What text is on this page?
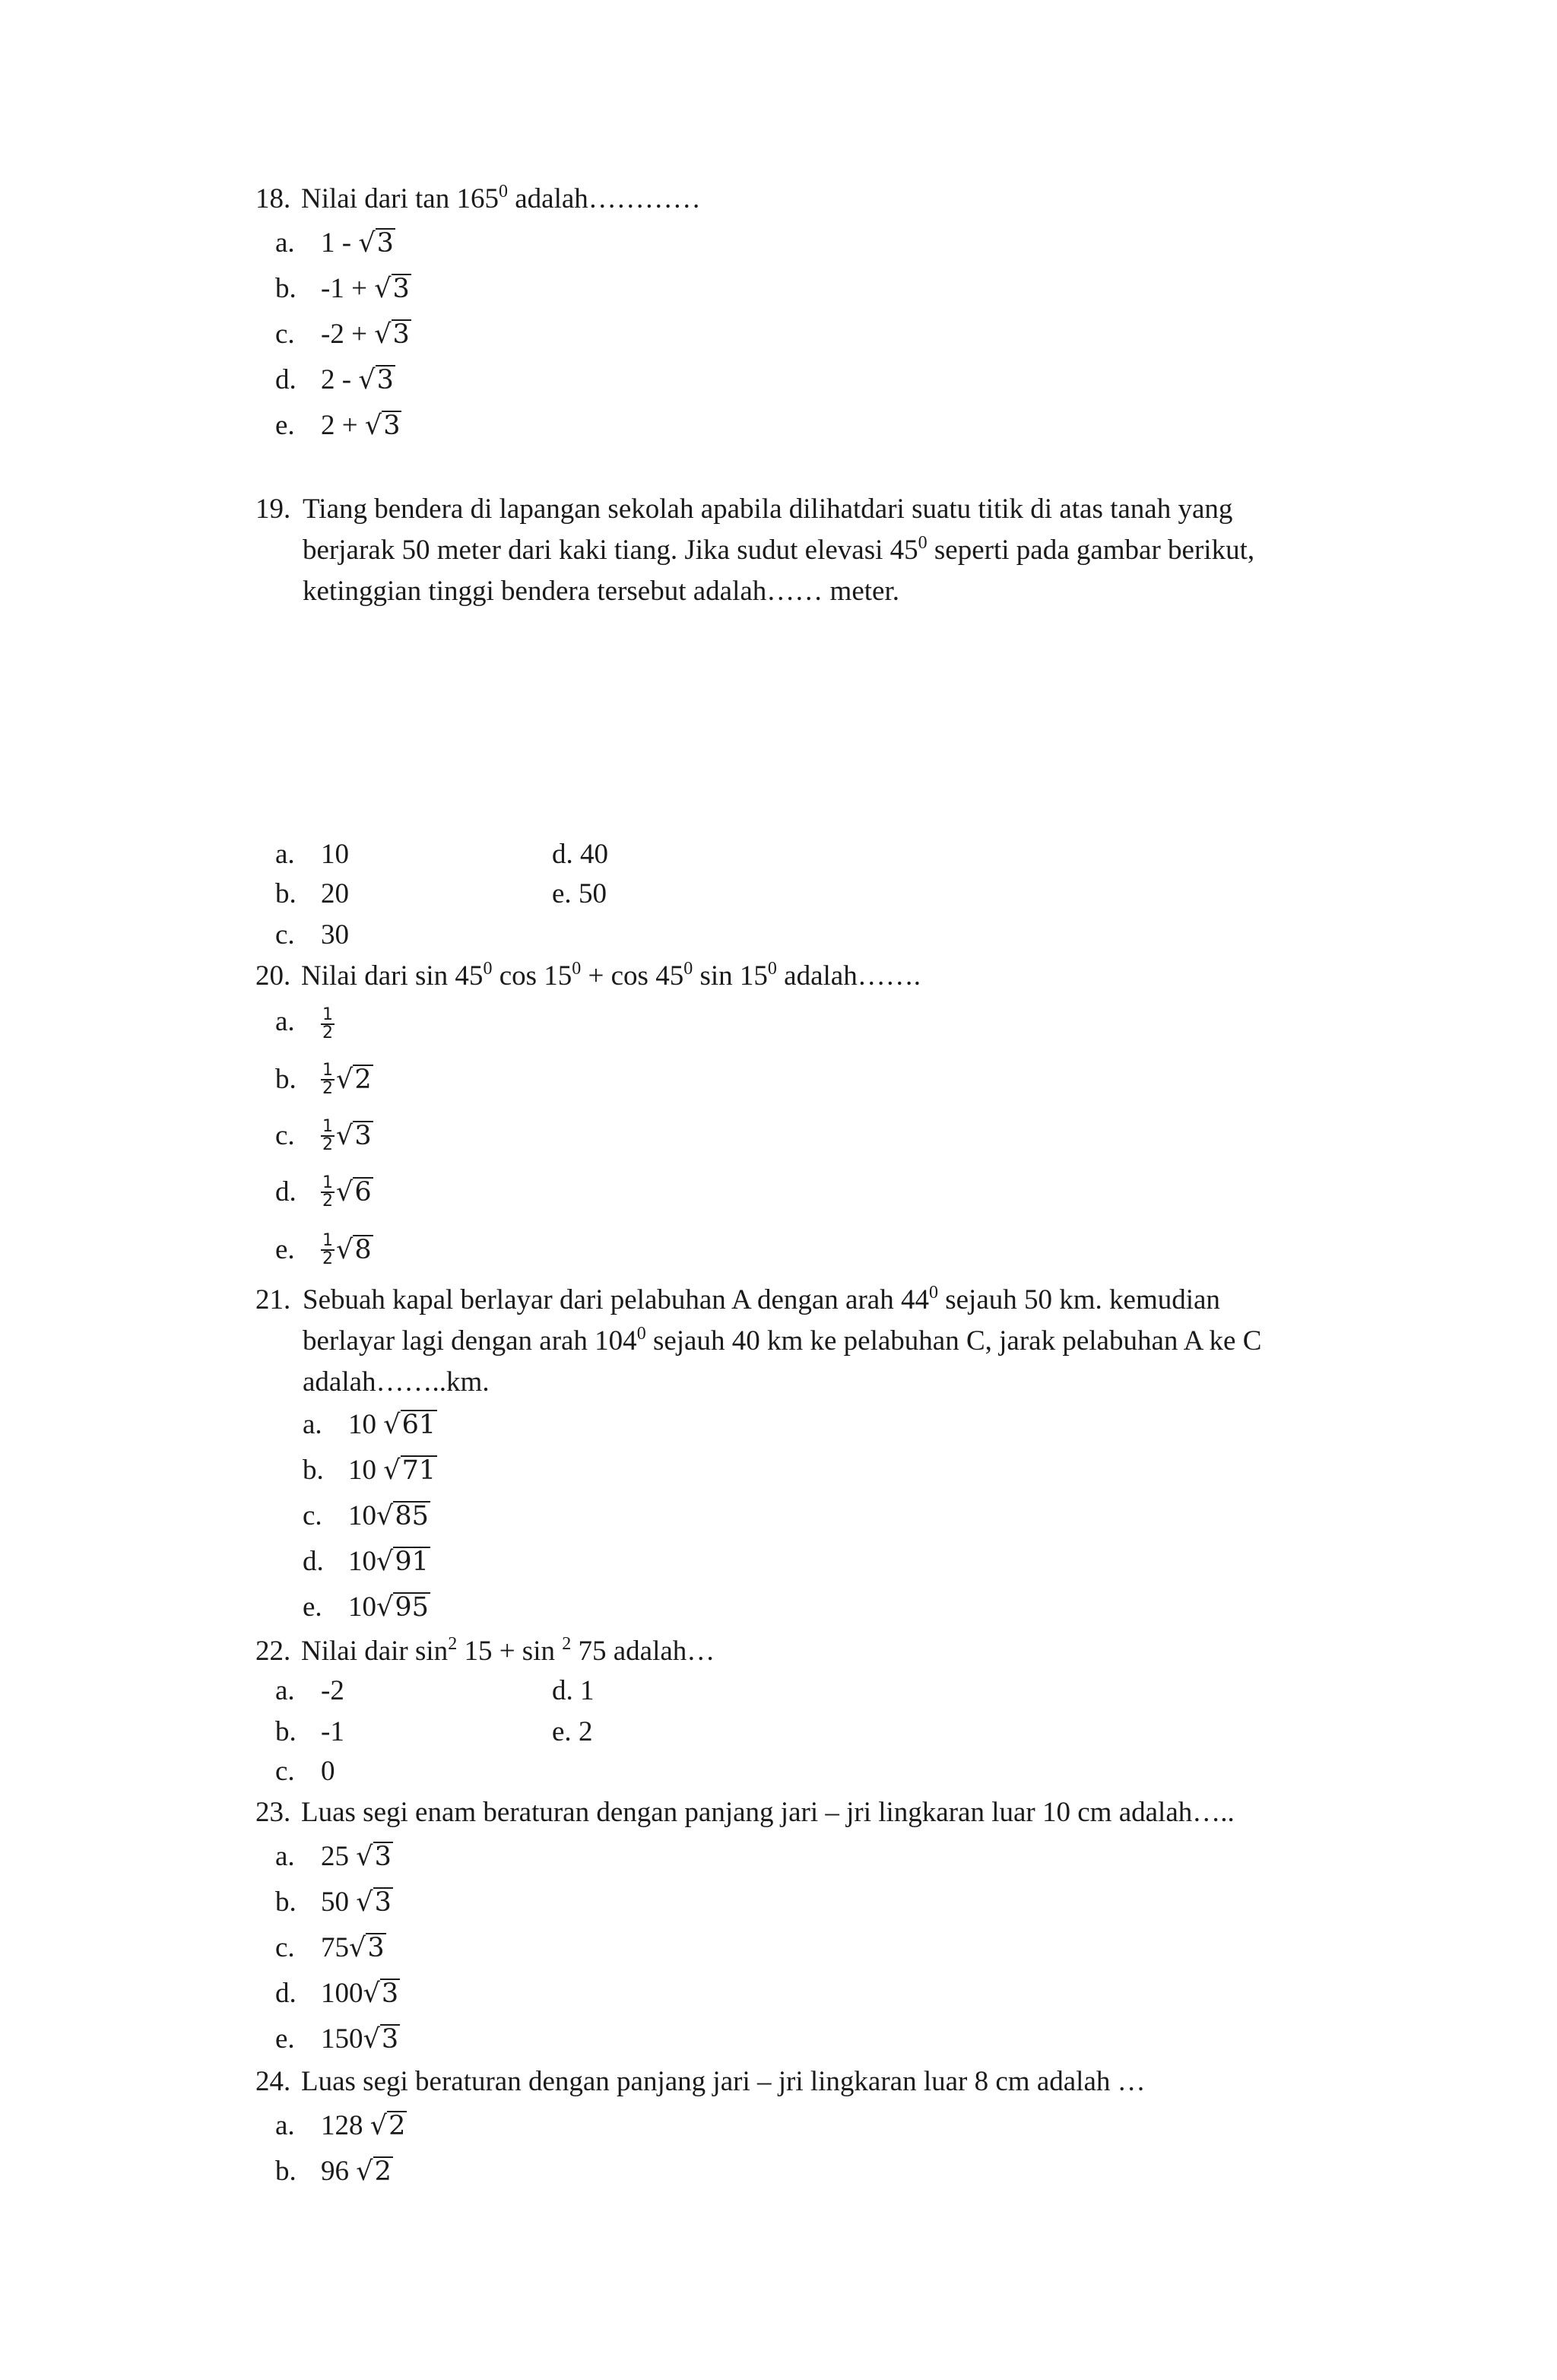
18. Nilai dari $\tan 165^0$ adalah…………
a. 1 - √3
b. -1 + √3
c. -2 + √3
d. 2 - √3
e. 2 + √3
19. Tiang bendera di lapangan sekolah apabila dilihatdari suatu titik di atas tanah yang
berjarak 50 meter dari kaki tiang. Jika sudut elevasi $45^0$ seperti pada gambar berikut,
ketinggian tinggi bendera tersebut adalah…… meter.
a. 10
b. 20
c. 30
d. 40
e. 50
20. Nilai dari $\sin 45^0$ $\cos 15^0 + \cos 45^0$ $\sin 15^0$ adalah…….
a. $\frac{1}{2}$
b. $\frac{1}{2} √2$
c. $\frac{1}{2} √3$
d. $\frac{1}{2} √6$
e. $\frac{1}{2} √8$
21. Sebuah kapal berlayar dari pelabuhan A dengan arah $44^0$ sejauh 50 km. kemudian
berlayar lagi dengan arah $104^0$ sejauh 40 km ke pelabuhan C, jarak pelabuhan A ke C
adalah……..km.
a. 10 √61
b. 10 √71
c. 10√85
d. 10√91
e. 10√95
22. Nilai dair $\sin^2 15 + \sin ^2$ 75 adalah…
a. -2
b. -1
c. 0
d. 1
e. 2
23. Luas segi enam beraturan dengan panjang jari – jri lingkaran luar 10 cm adalah…..
a. 25 √3
b. 50 √3
c. 75√3
d. 100√3
e. 150√3
24. Luas segi beraturan dengan panjang jari – jri lingkaran luar 8 cm adalah …
a. 128 √2
b. 96 √2
